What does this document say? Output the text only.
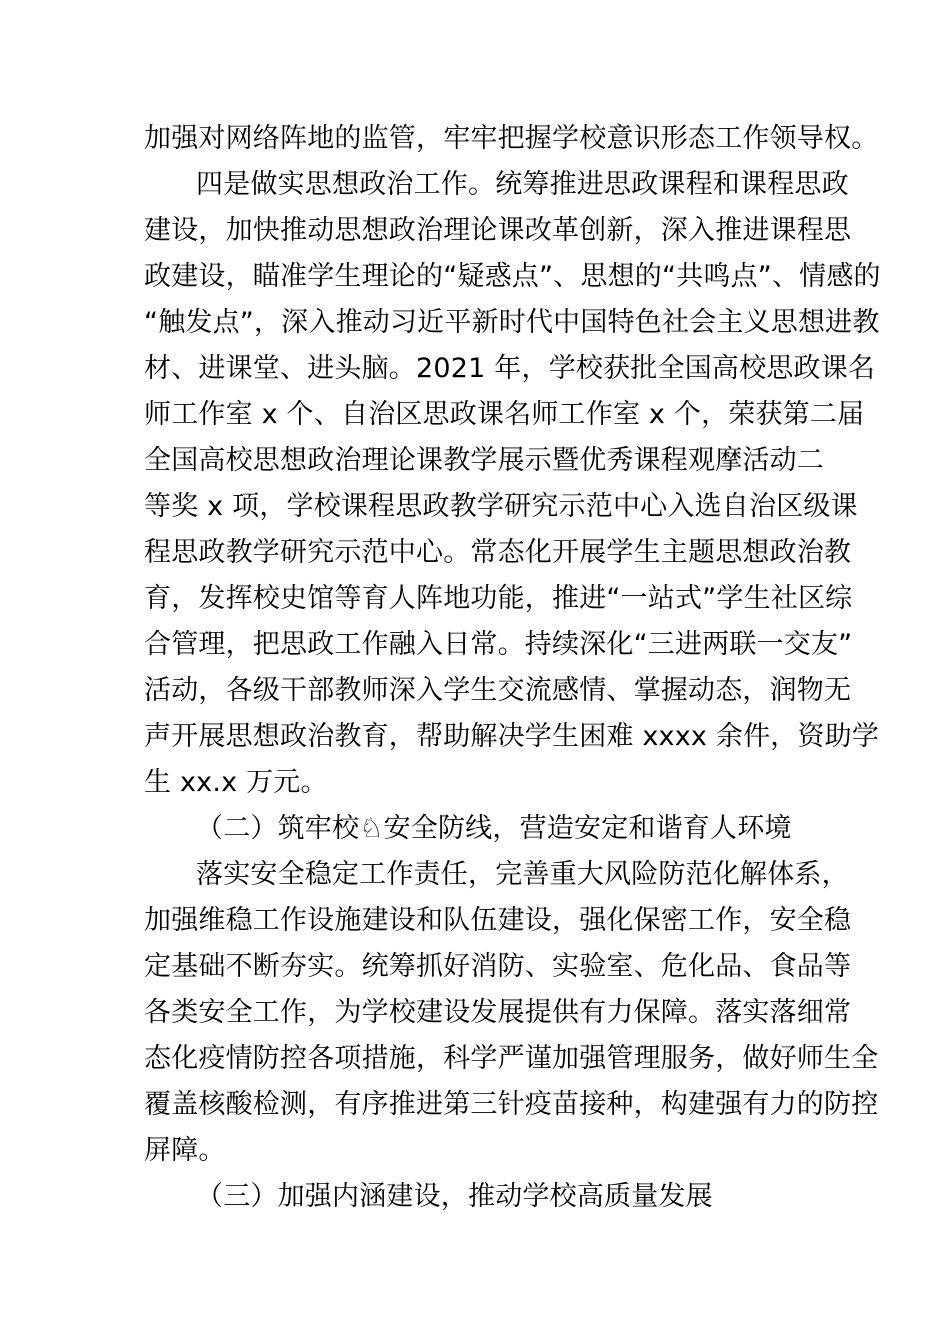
加强对网络阵地的监管，牢牢把握学校意识形态工作领导权。
四是做实思想政治工作。统筹推进思政课程和课程思政
建设，加快推动思想政治理论课改革创新，深入推进课程思
政建设，瞄准学生理论的“疑惑点”、思想的“共鸣点”、情感的
“触发点”，深入推动习近平新时代中国特色社会主义思想进教
材、进课堂、进头脑。2021 年，学校获批全国高校思政课名
师工作室 x 个、自治区思政课名师工作室 x 个，荣获第二届
全国高校思想政治理论课教学展示暨优秀课程观摩活动二
等奖 x 项，学校课程思政教学研究示范中心入选自治区级课
程思政教学研究示范中心。常态化开展学生主题思想政治教
育，发挥校史馆等育人阵地功能，推进“一站式”学生社区综
合管理，把思政工作融入日常。持续深化“三进两联一交友”
活动，各级干部教师深入学生交流感情、掌握动态，润物无
声开展思想政治教育，帮助解决学生困难 xxxx 余件，资助学
生 xx.x 万元。
（二）筑牢校♘安全防线，营造安定和谐育人环境
落实安全稳定工作责任，完善重大风险防范化解体系，
加强维稳工作设施建设和队伍建设，强化保密工作，安全稳
定基础不断夯实。统筹抓好消防、实验室、危化品、食品等
各类安全工作，为学校建设发展提供有力保障。落实落细常
态化疫情防控各项措施，科学严谨加强管理服务，做好师生全
覆盖核酸检测，有序推进第三针疫苗接种，构建强有力的防控
屏障。
（三）加强内涵建设，推动学校高质量发展
